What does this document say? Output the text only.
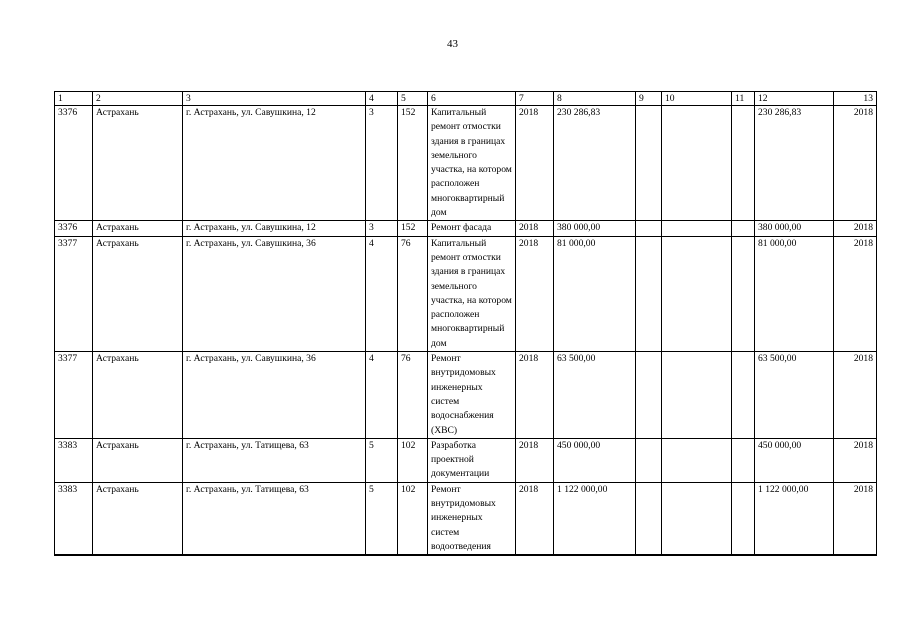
43
1	2	3	4	5	6	7	8	9	10	11	12	13
3376	Астрахань	г. Астрахань, ул. Савушкина, 12	3	152	Капитальный ремонт отмостки здания в границах земельного участка, на котором расположен многоквартирный дом	2018	230 286,83				230 286,83	2018
3376	Астрахань	г. Астрахань, ул. Савушкина, 12	3	152	Ремонт фасада	2018	380 000,00				380 000,00	2018
3377	Астрахань	г. Астрахань, ул. Савушкина, 36	4	76	Капитальный ремонт отмостки здания в границах земельного участка, на котором расположен многоквартирный дом	2018	81 000,00				81 000,00	2018
3377	Астрахань	г. Астрахань, ул. Савушкина, 36	4	76	Ремонт внутридомовых инженерных систем водоснабжения (ХВС)	2018	63 500,00				63 500,00	2018
3383	Астрахань	г. Астрахань, ул. Татищева, 63	5	102	Разработка проектной документации	2018	450 000,00				450 000,00	2018
3383	Астрахань	г. Астрахань, ул. Татищева, 63	5	102	Ремонт внутридомовых инженерных систем водоотведения	2018	1 122 000,00				1 122 000,00	2018
